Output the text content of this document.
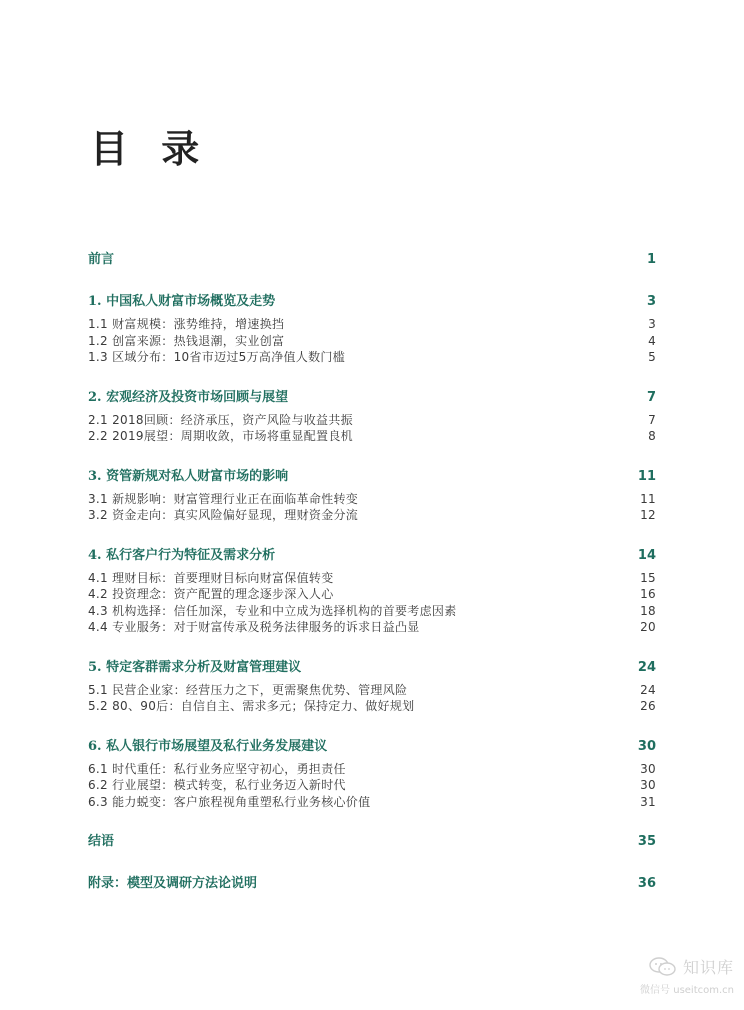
目 录
前言	1
1. 中国私人财富市场概览及走势	3
1.1 财富规模：涨势维持，增速换挡	3
1.2 创富来源：热钱退潮，实业创富	4
1.3 区域分布：10省市迈过5万高净值人数门槛	5
2. 宏观经济及投资市场回顾与展望	7
2.1 2018回顾：经济承压，资产风险与收益共振	7
2.2 2019展望：周期收敛，市场将重显配置良机	8
3. 资管新规对私人财富市场的影响	11
3.1 新规影响：财富管理行业正在面临革命性转变	11
3.2 资金走向：真实风险偏好显现，理财资金分流	12
4. 私行客户行为特征及需求分析	14
4.1 理财目标：首要理财目标向财富保值转变	15
4.2 投资理念：资产配置的理念逐步深入人心	16
4.3 机构选择：信任加深，专业和中立成为选择机构的首要考虑因素	18
4.4 专业服务：对于财富传承及税务法律服务的诉求日益凸显	20
5. 特定客群需求分析及财富管理建议	24
5.1 民营企业家：经营压力之下，更需聚焦优势、管理风险	24
5.2 80、90后：自信自主、需求多元；保持定力、做好规划	26
6. 私人银行市场展望及私行业务发展建议	30
6.1 时代重任：私行业务应坚守初心，勇担责任	30
6.2 行业展望：模式转变，私行业务迈入新时代	30
6.3 能力蜕变：客户旅程视角重塑私行业务核心价值	31
结语	35
附录：模型及调研方法论说明	36
知识库
微信号 useitcom.cn
